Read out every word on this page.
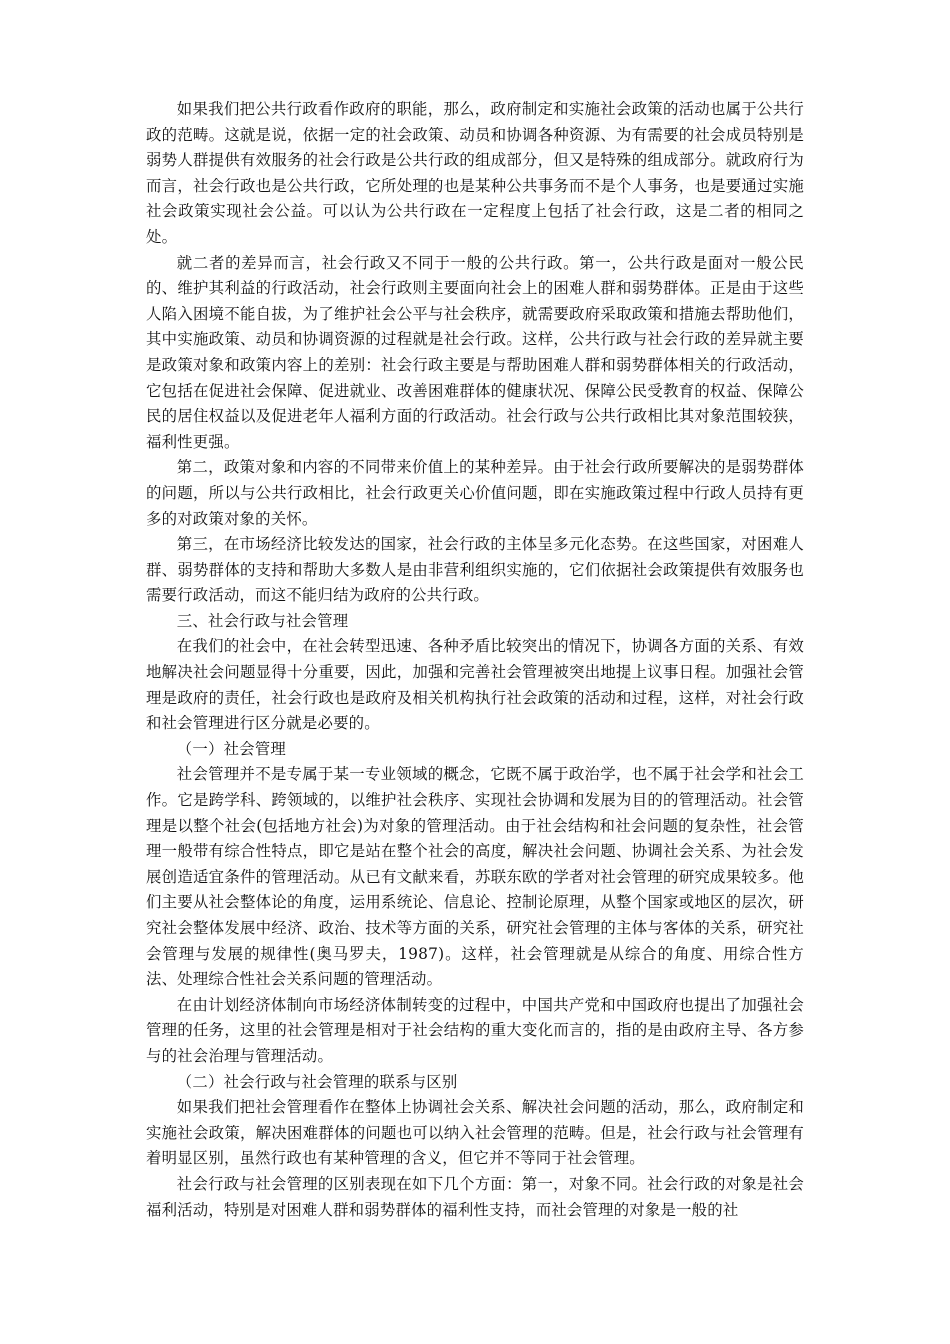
如果我们把公共行政看作政府的职能，那么，政府制定和实施社会政策的活动也属于公共行政的范畴。这就是说，依据一定的社会政策、动员和协调各种资源、为有需要的社会成员特别是弱势人群提供有效服务的社会行政是公共行政的组成部分，但又是特殊的组成部分。就政府行为而言，社会行政也是公共行政，它所处理的也是某种公共事务而不是个人事务，也是要通过实施社会政策实现社会公益。可以认为公共行政在一定程度上包括了社会行政，这是二者的相同之处。

就二者的差异而言，社会行政又不同于一般的公共行政。第一，公共行政是面对一般公民的、维护其利益的行政活动，社会行政则主要面向社会上的困难人群和弱势群体。正是由于这些人陷入困境不能自拔，为了维护社会公平与社会秩序，就需要政府采取政策和措施去帮助他们，其中实施政策、动员和协调资源的过程就是社会行政。这样，公共行政与社会行政的差异就主要是政策对象和政策内容上的差别：社会行政主要是与帮助困难人群和弱势群体相关的行政活动，它包括在促进社会保障、促进就业、改善困难群体的健康状况、保障公民受教育的权益、保障公民的居住权益以及促进老年人福利方面的行政活动。社会行政与公共行政相比其对象范围较狭，福利性更强。

第二，政策对象和内容的不同带来价值上的某种差异。由于社会行政所要解决的是弱势群体的问题，所以与公共行政相比，社会行政更关心价值问题，即在实施政策过程中行政人员持有更多的对政策对象的关怀。

第三，在市场经济比较发达的国家，社会行政的主体呈多元化态势。在这些国家，对困难人群、弱势群体的支持和帮助大多数人是由非营利组织实施的，它们依据社会政策提供有效服务也需要行政活动，而这不能归结为政府的公共行政。

三、社会行政与社会管理

在我们的社会中，在社会转型迅速、各种矛盾比较突出的情况下，协调各方面的关系、有效地解决社会问题显得十分重要，因此，加强和完善社会管理被突出地提上议事日程。加强社会管理是政府的责任，社会行政也是政府及相关机构执行社会政策的活动和过程，这样，对社会行政和社会管理进行区分就是必要的。

（一）社会管理

社会管理并不是专属于某一专业领域的概念，它既不属于政治学，也不属于社会学和社会工作。它是跨学科、跨领域的，以维护社会秩序、实现社会协调和发展为目的的管理活动。社会管理是以整个社会(包括地方社会)为对象的管理活动。由于社会结构和社会问题的复杂性，社会管理一般带有综合性特点，即它是站在整个社会的高度，解决社会问题、协调社会关系、为社会发展创造适宜条件的管理活动。从已有文献来看，苏联东欧的学者对社会管理的研究成果较多。他们主要从社会整体论的角度，运用系统论、信息论、控制论原理，从整个国家或地区的层次，研究社会整体发展中经济、政治、技术等方面的关系，研究社会管理的主体与客体的关系，研究社会管理与发展的规律性(奥马罗夫，1987)。这样，社会管理就是从综合的角度、用综合性方法、处理综合性社会关系问题的管理活动。

在由计划经济体制向市场经济体制转变的过程中，中国共产党和中国政府也提出了加强社会管理的任务，这里的社会管理是相对于社会结构的重大变化而言的，指的是由政府主导、各方参与的社会治理与管理活动。

（二）社会行政与社会管理的联系与区别

如果我们把社会管理看作在整体上协调社会关系、解决社会问题的活动，那么，政府制定和实施社会政策，解决困难群体的问题也可以纳入社会管理的范畴。但是，社会行政与社会管理有着明显区别，虽然行政也有某种管理的含义，但它并不等同于社会管理。

社会行政与社会管理的区别表现在如下几个方面：第一，对象不同。社会行政的对象是社会福利活动，特别是对困难人群和弱势群体的福利性支持，而社会管理的对象是一般的社
